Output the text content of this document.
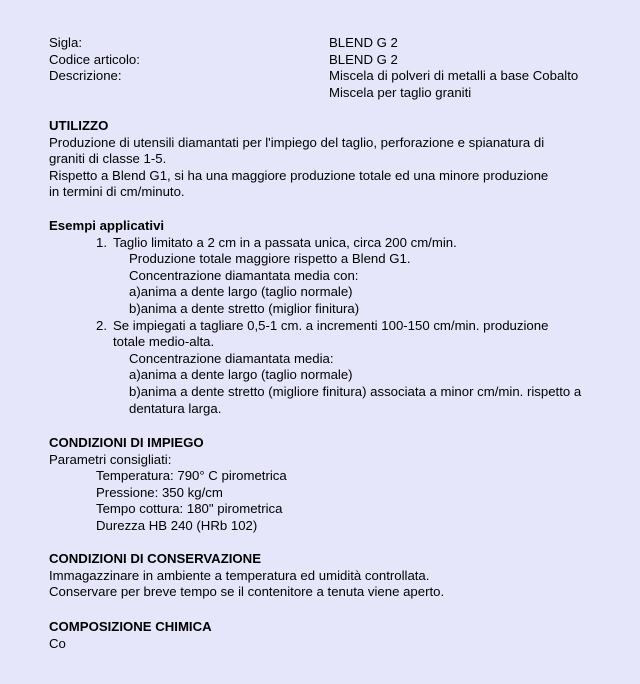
Sigla:	BLEND G 2
Codice articolo:	BLEND G 2
Descrizione:	Miscela di polveri di metalli a base Cobalto
Miscela per taglio graniti

UTILIZZO

Produzione di utensili diamantati per l'impiego del taglio, perforazione e spianatura di

graniti di classe 1-5.

Rispetto a Blend G1, si ha una maggiore produzione totale ed una minore produzione

in termini di cm/minuto.

Esempi applicativi

1. Taglio limitato a 2 cm in a passata unica, circa 200 cm/min.

Produzione totale maggiore rispetto a Blend G1.

Concentrazione diamantata media con:

a)anima a dente largo (taglio normale)

b)anima a dente stretto (miglior finitura)

2. Se impiegati a tagliare 0,5-1 cm. a incrementi 100-150 cm/min. produzione

totale medio-alta.

Concentrazione diamantata media:

a)anima a dente largo (taglio normale)

b)anima a dente stretto (migliore finitura) associata a minor cm/min. rispetto a

dentatura larga.

CONDIZIONI DI IMPIEGO

Parametri consigliati:

Temperatura: 790° C pirometrica

Pressione: 350 kg/cm

Tempo cottura: 180" pirometrica

Durezza HB 240 (HRb 102)

CONDIZIONI DI CONSERVAZIONE

Immagazzinare in ambiente a temperatura ed umidità controllata.

Conservare per breve tempo se il contenitore a tenuta viene aperto.

COMPOSIZIONE CHIMICA

Co
